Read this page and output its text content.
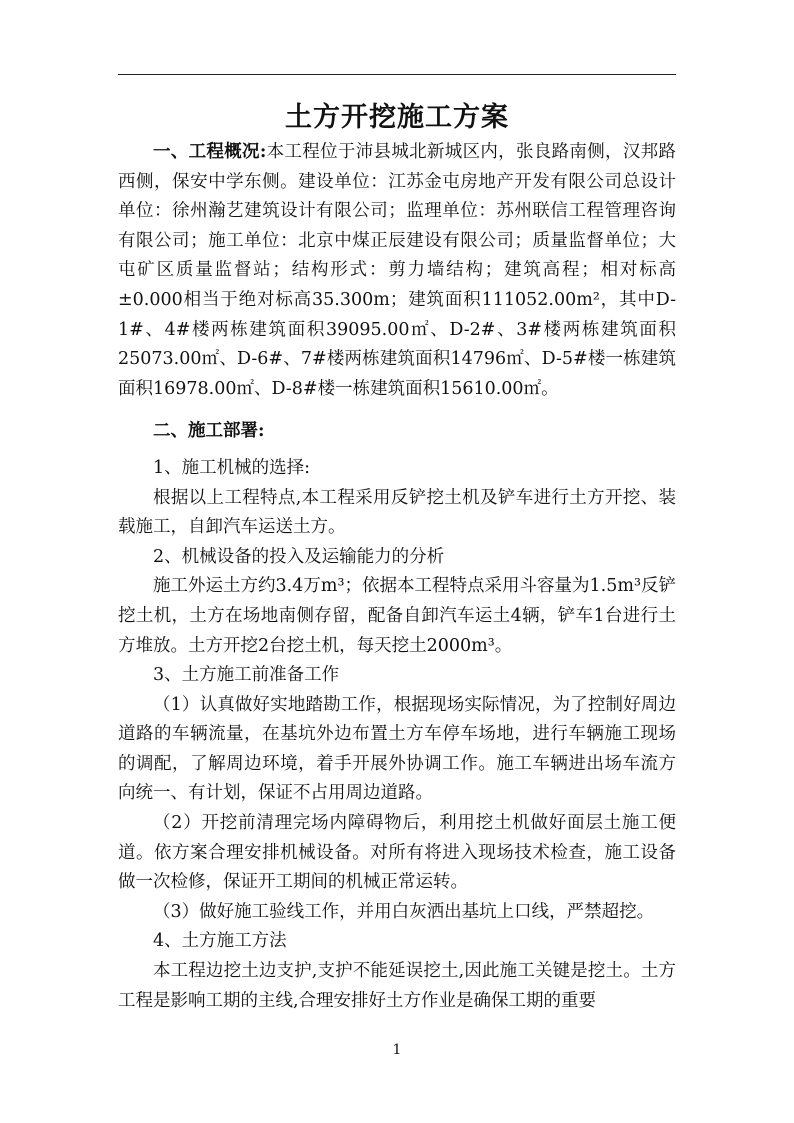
土方开挖施工方案

一、工程概况:本工程位于沛县城北新城区内，张良路南侧，汉邦路西侧，保安中学东侧。建设单位：江苏金屯房地产开发有限公司总设计单位：徐州瀚艺建筑设计有限公司；监理单位：苏州联信工程管理咨询有限公司；施工单位：北京中煤正辰建设有限公司；质量监督单位；大屯矿区质量监督站；结构形式：剪力墙结构；建筑高程；相对标高±0.000相当于绝对标高35.300m；建筑面积111052.00m²，其中D-1#、4#楼两栋建筑面积39095.00㎡、D-2#、3#楼两栋建筑面积25073.00㎡、D-6#、7#楼两栋建筑面积14796㎡、D-5#楼一栋建筑面积16978.00㎡、D-8#楼一栋建筑面积15610.00㎡。

二、施工部署:

1、施工机械的选择:

根据以上工程特点,本工程采用反铲挖土机及铲车进行土方开挖、装载施工，自卸汽车运送土方。

2、机械设备的投入及运输能力的分析

施工外运土方约3.4万m³；依据本工程特点采用斗容量为1.5m³反铲挖土机，土方在场地南侧存留，配备自卸汽车运土4辆，铲车1台进行土方堆放。土方开挖2台挖土机，每天挖土2000m³。

3、土方施工前准备工作

（1）认真做好实地踏勘工作，根据现场实际情况，为了控制好周边道路的车辆流量，在基坑外边布置土方车停车场地，进行车辆施工现场的调配，了解周边环境，着手开展外协调工作。施工车辆进出场车流方向统一、有计划，保证不占用周边道路。

（2）开挖前清理完场内障碍物后，利用挖土机做好面层土施工便道。依方案合理安排机械设备。对所有将进入现场技术检查，施工设备做一次检修，保证开工期间的机械正常运转。

（3）做好施工验线工作，并用白灰洒出基坑上口线，严禁超挖。

4、土方施工方法

本工程边挖土边支护,支护不能延误挖土,因此施工关键是挖土。土方工程是影响工期的主线,合理安排好土方作业是确保工期的重要

1
